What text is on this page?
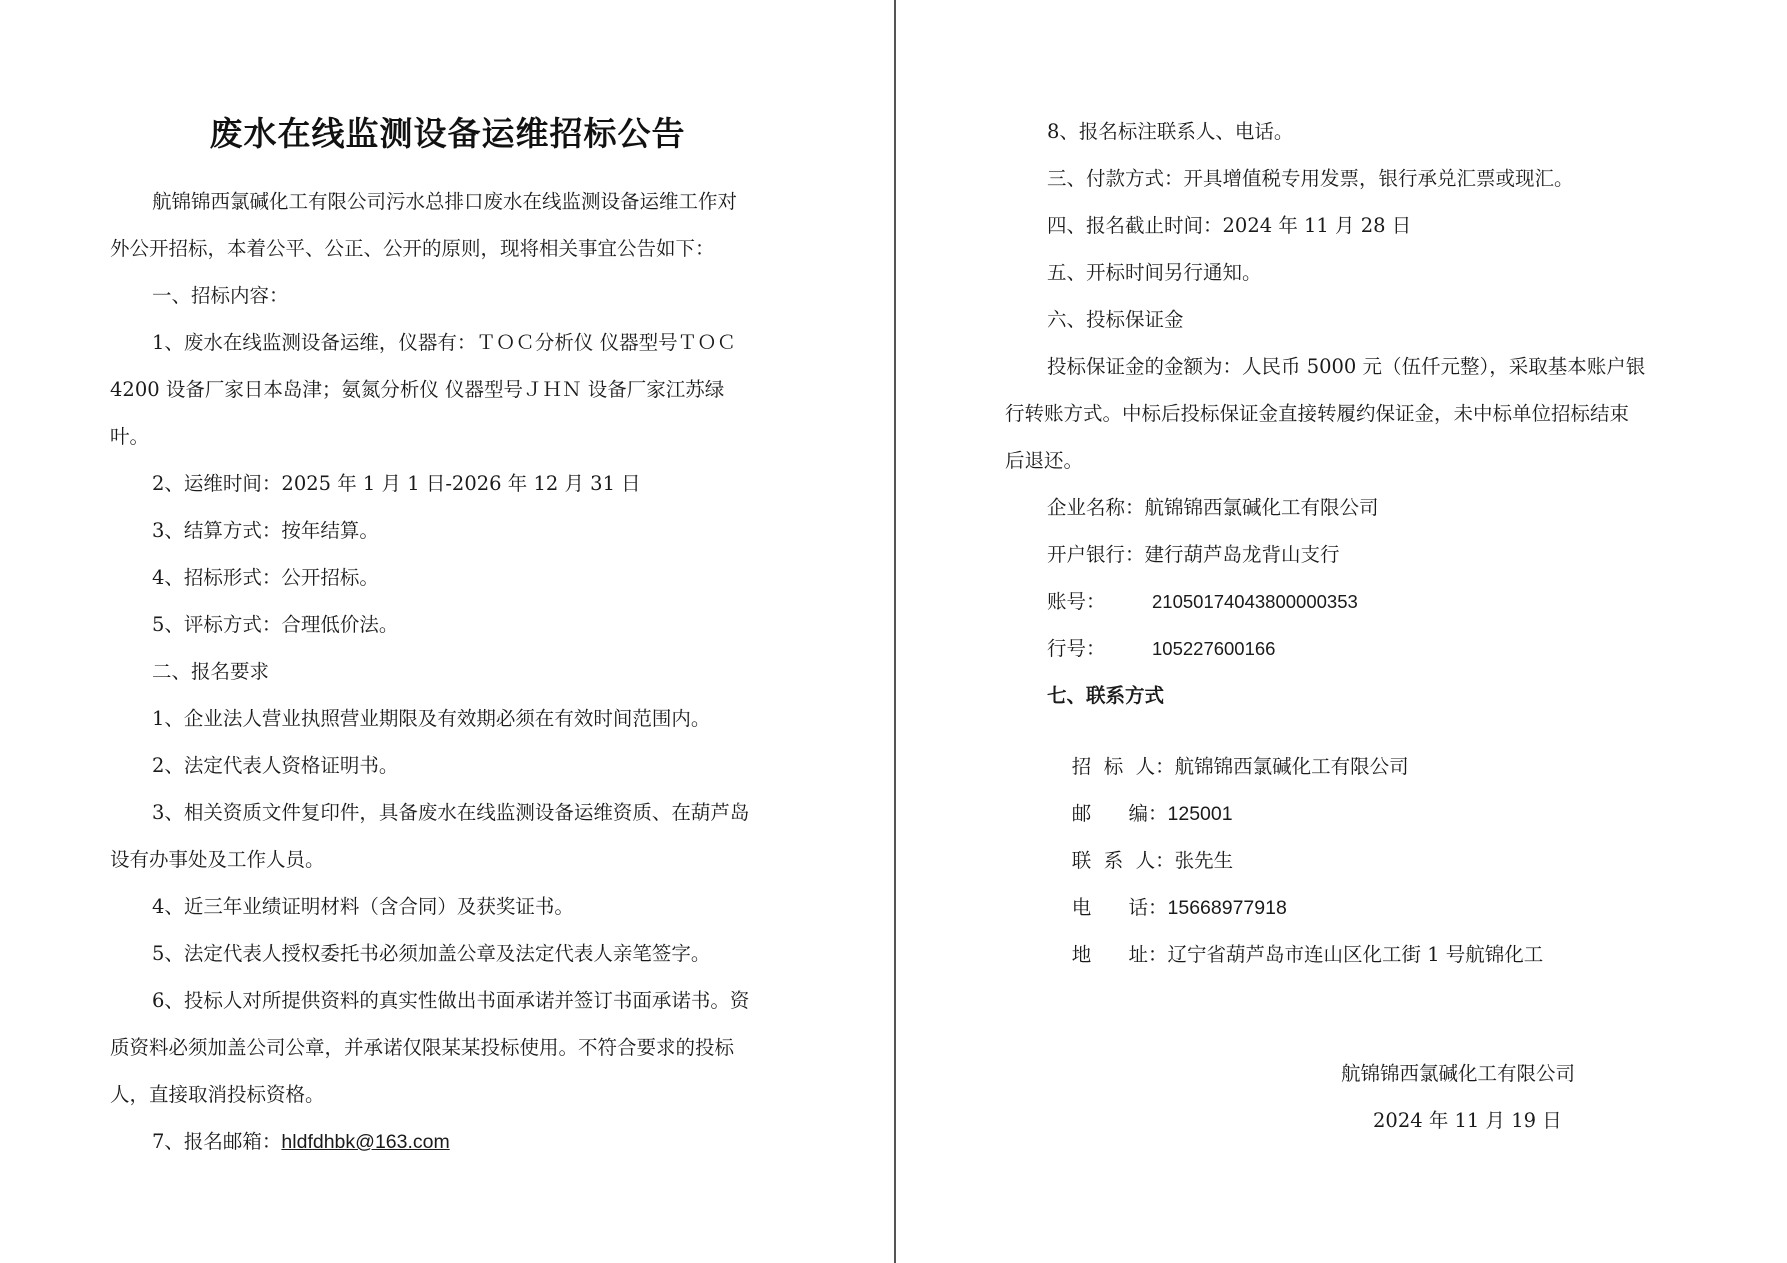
废水在线监测设备运维招标公告
航锦锦西氯碱化工有限公司污水总排口废水在线监测设备运维工作对
外公开招标，本着公平、公正、公开的原则，现将相关事宜公告如下：
一、招标内容：
1、废水在线监测设备运维，仪器有：ＴＯＣ分析仪 仪器型号ＴＯＣ
4200 设备厂家日本岛津；氨氮分析仪 仪器型号ＪＨＮ 设备厂家江苏绿
叶。
2、运维时间：2025 年 1 月 1 日-2026 年 12 月 31 日
3、结算方式：按年结算。
4、招标形式：公开招标。
5、评标方式：合理低价法。
二、报名要求
1、企业法人营业执照营业期限及有效期必须在有效时间范围内。
2、法定代表人资格证明书。
3、相关资质文件复印件，具备废水在线监测设备运维资质、在葫芦岛
设有办事处及工作人员。
4、近三年业绩证明材料（含合同）及获奖证书。
5、法定代表人授权委托书必须加盖公章及法定代表人亲笔签字。
6、投标人对所提供资料的真实性做出书面承诺并签订书面承诺书。资
质资料必须加盖公司公章，并承诺仅限某某投标使用。不符合要求的投标
人，直接取消投标资格。
7、报名邮箱：hldfdhbk@163.com
8、报名标注联系人、电话。
三、付款方式：开具增值税专用发票，银行承兑汇票或现汇。
四、报名截止时间：2024 年 11 月 28 日
五、开标时间另行通知。
六、投标保证金
投标保证金的金额为：人民币 5000 元（伍仟元整），采取基本账户银
行转账方式。中标后投标保证金直接转履约保证金，未中标单位招标结束
后退还。
企业名称：航锦锦西氯碱化工有限公司
开户银行：建行葫芦岛龙背山支行
账号：	21050174043800000353
行号：	105227600166
七、联系方式

招  标  人：航锦锦西氯碱化工有限公司

邮      编：125001

联  系  人：张先生

电      话：15668977918

地      址：辽宁省葫芦岛市连山区化工街 1 号航锦化工

航锦锦西氯碱化工有限公司
2024 年 11 月 19 日
